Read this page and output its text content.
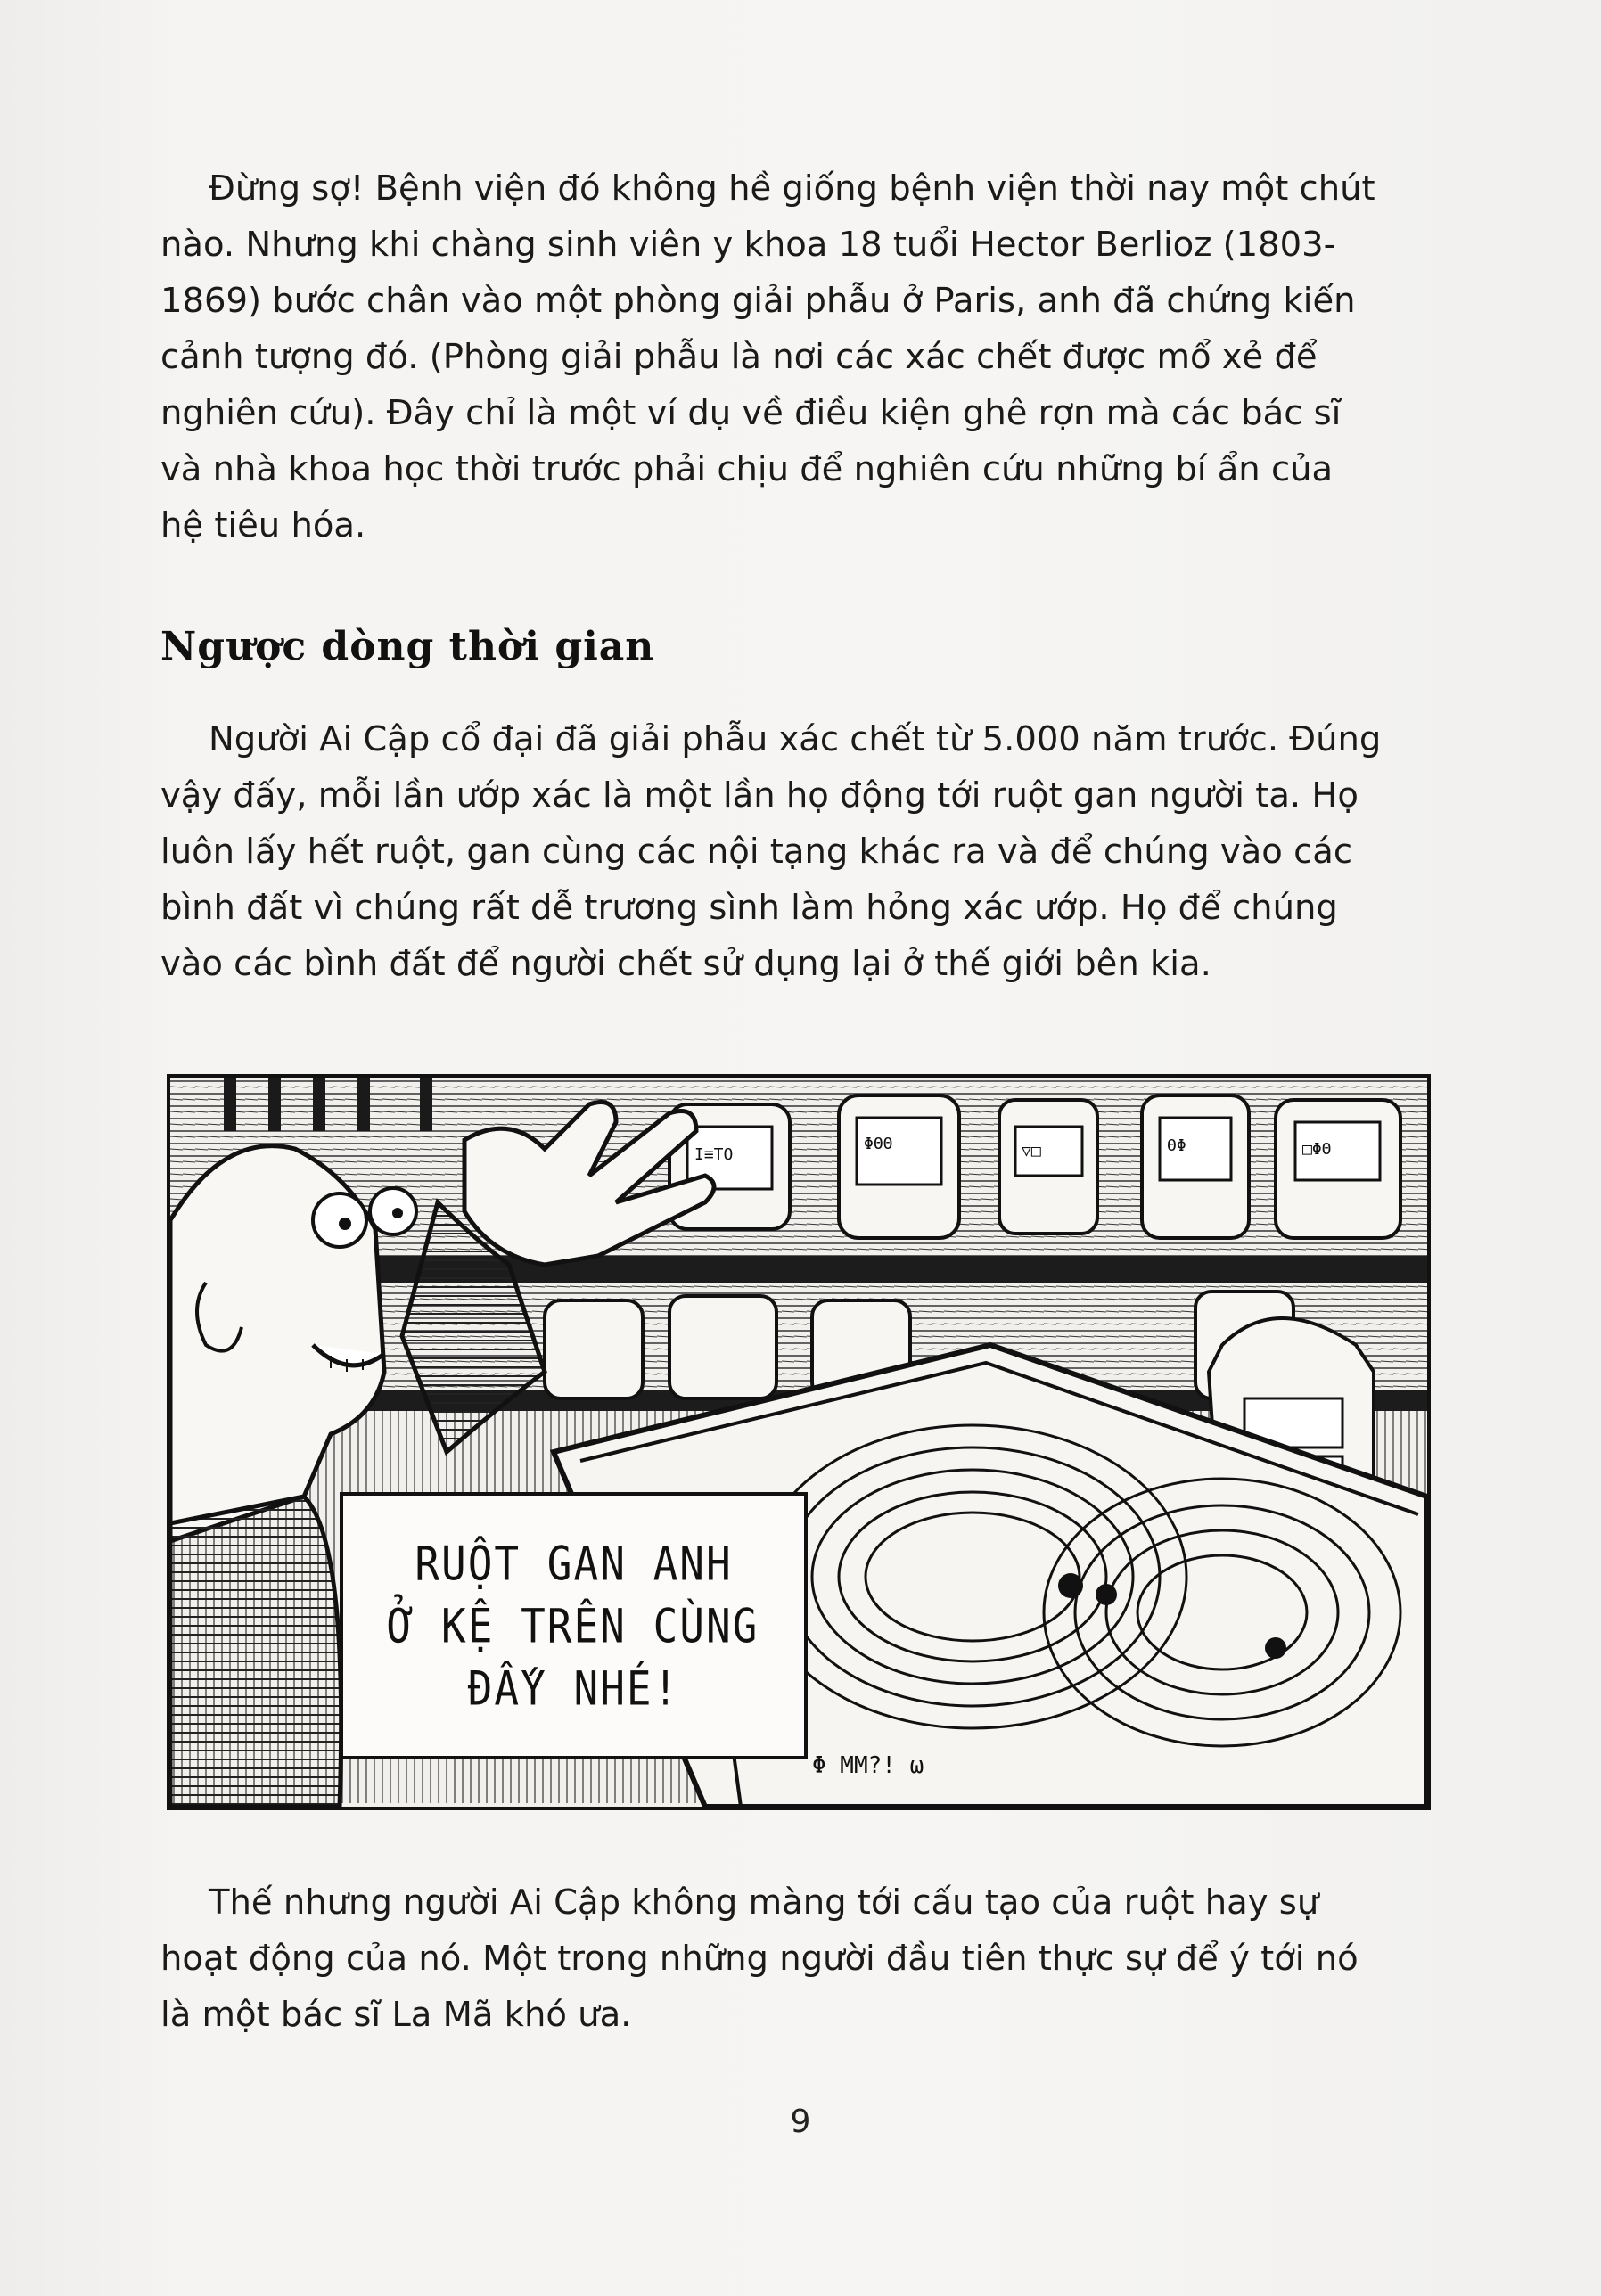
Đừng sợ! Bệnh viện đó không hề giống bệnh viện thời nay một chút
nào. Nhưng khi chàng sinh viên y khoa 18 tuổi Hector Berlioz (1803-
1869) bước chân vào một phòng giải phẫu ở Paris, anh đã chứng kiến
cảnh tượng đó. (Phòng giải phẫu là nơi các xác chết được mổ xẻ để
nghiên cứu). Đây chỉ là một ví dụ về điều kiện ghê rợn mà các bác sĩ
và nhà khoa học thời trước phải chịu để nghiên cứu những bí ẩn của
hệ tiêu hóa.
Ngược dòng thời gian
Người Ai Cập cổ đại đã giải phẫu xác chết từ 5.000 năm trước. Đúng
vậy đấy, mỗi lần ướp xác là một lần họ động tới ruột gan người ta. Họ
luôn lấy hết ruột, gan cùng các nội tạng khác ra và để chúng vào các
bình đất vì chúng rất dễ trương sình làm hỏng xác ướp. Họ để chúng
vào các bình đất để người chết sử dụng lại ở thế giới bên kia.
I≡TO
ΦΘΘ	▽□	ΘΦ	□ΦΘ
Φ MM?! ω
RUỘT GAN ANH
Ở KỆ TRÊN CÙNG
ĐẤY NHÉ!
Thế nhưng người Ai Cập không màng tới cấu tạo của ruột hay sự
hoạt động của nó. Một trong những người đầu tiên thực sự để ý tới nó
là một bác sĩ La Mã khó ưa.
9
